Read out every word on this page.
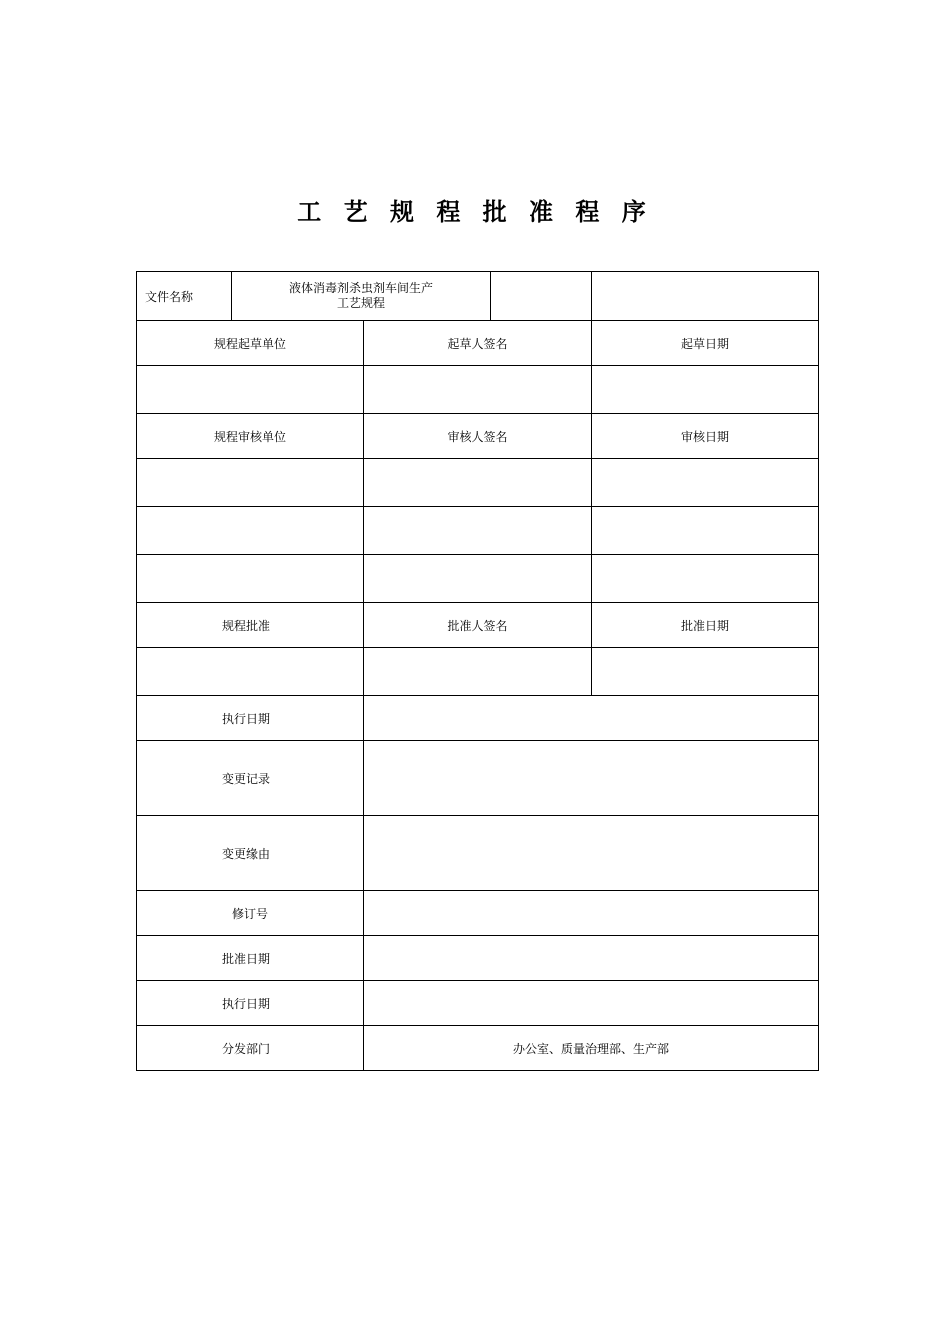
工 艺 规 程 批 准 程 序
文件名称	液体消毒剂杀虫剂车间生产
工艺规程			

规程起草单位		起草人签名		起草日期

规程审核单位		审核人签名		审核日期

规程批准		批准人签名		批准日期

执行日期				
变更记录				
变更缘由				
修订号				
批准日期				
执行日期				
分发部门		办公室、质量治理部、生产部		
